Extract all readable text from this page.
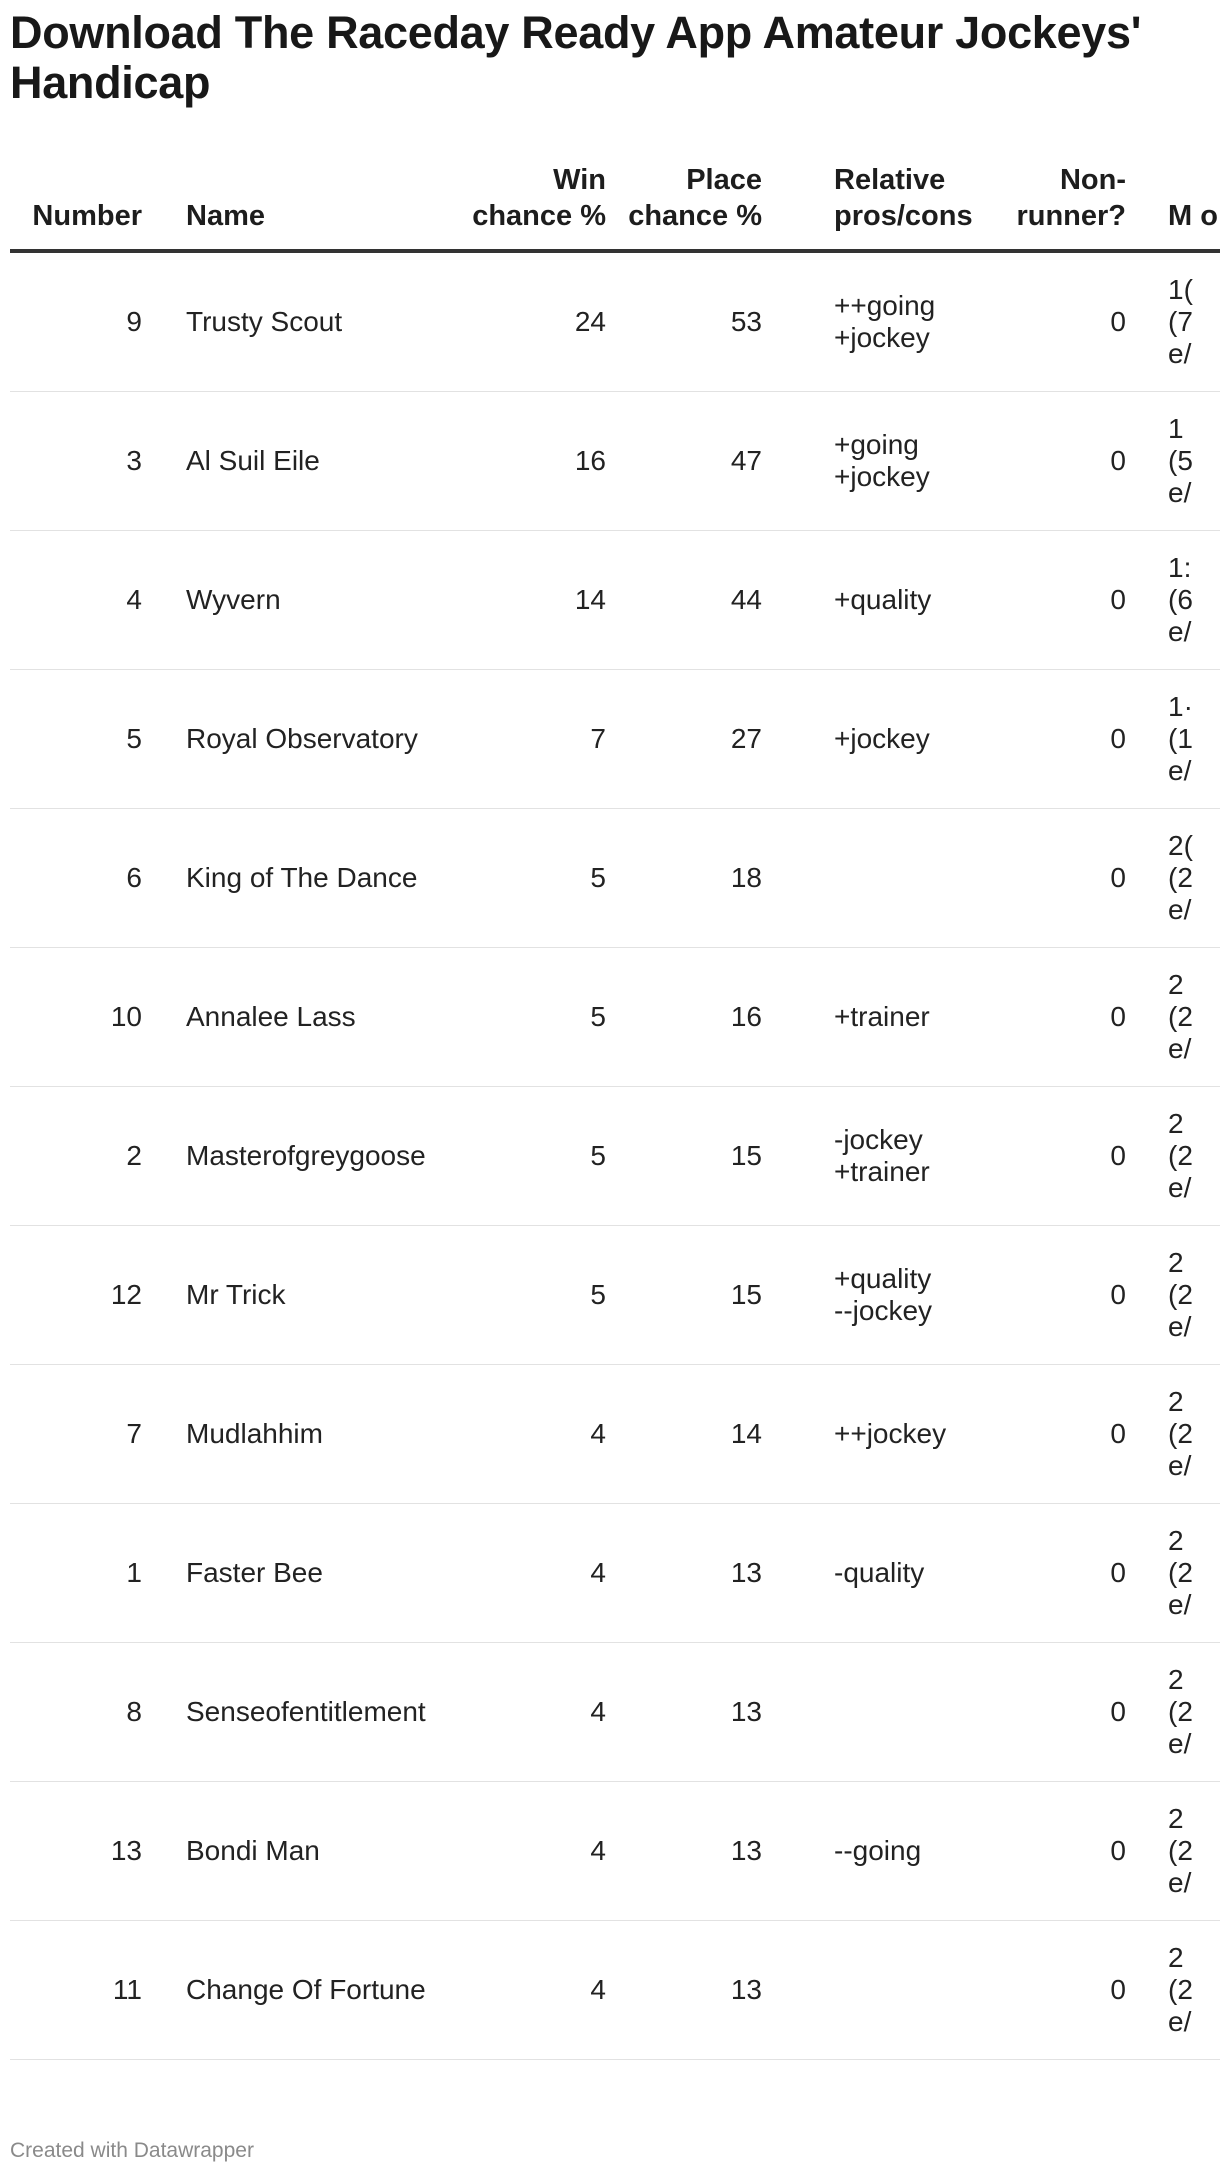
Download The Raceday Ready App Amateur Jockeys' Handicap
Number	Name	Win chance %	Place chance %	Relative pros/cons	Non-runner?	M o
9	Trusty Scout	24	53	++going
+jockey	0	1(
(7
e/

3	Al Suil Eile	16	47	+going
+jockey	0	1
(5
e/

4	Wyvern	14	44	+quality	0	1:
(6
e/

5	Royal Observatory	7	27	+jockey	0	1·
(1
e/

6	King of The Dance	5	18		0	2(
(2
e/

10	Annalee Lass	5	16	+trainer	0	2
(2
e/

2	Masterofgreygoose	5	15	-jockey
+trainer	0	2
(2
e/

12	Mr Trick	5	15	+quality
--jockey	0	2
(2
e/

7	Mudlahhim	4	14	++jockey	0	2
(2
e/

1	Faster Bee	4	13	-quality	0	2
(2
e/

8	Senseofentitlement	4	13		0	2
(2
e/

13	Bondi Man	4	13	--going	0	2
(2
e/

11	Change Of Fortune	4	13		0	2
(2
e/
Created with Datawrapper
